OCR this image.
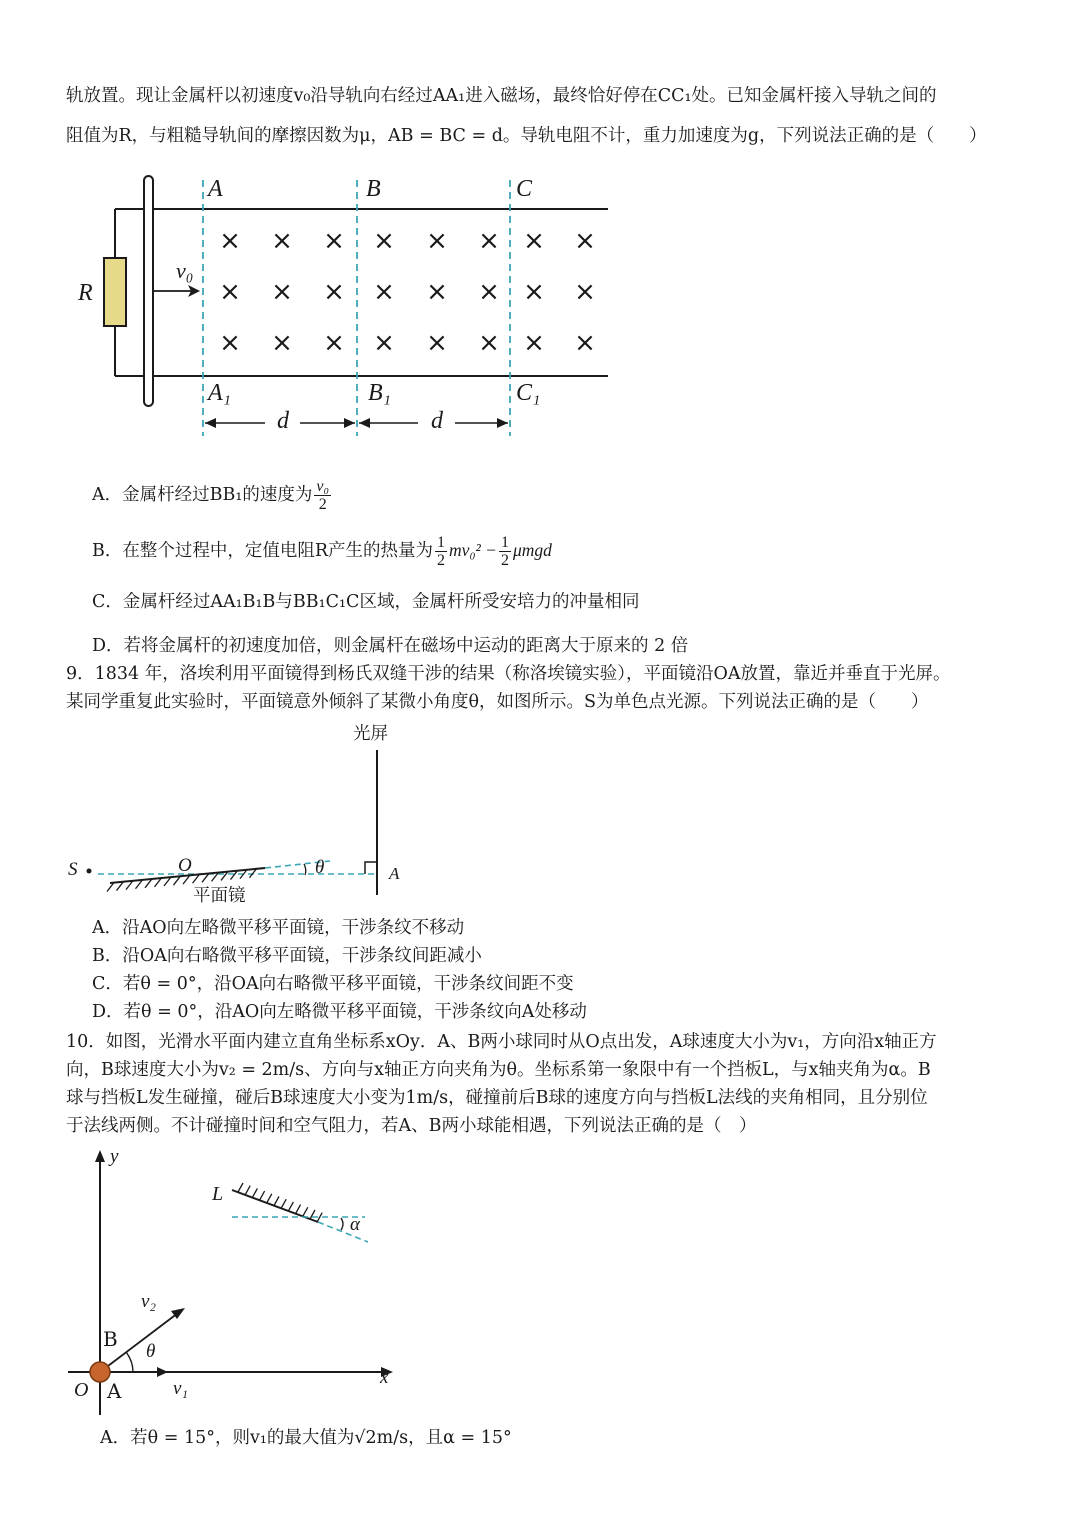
轨放置。现让金属杆以初速度v₀沿导轨向右经过AA₁进入磁场，最终恰好停在CC₁处。已知金属杆接入导轨之间的
阻值为R，与粗糙导轨间的摩擦因数为μ，AB = BC = d。导轨电阻不计，重力加速度为g，下列说法正确的是（　　）
× × × × × × × ×
× × × × × × × ×
× × × × × × × ×
A	B	C
A₁	B₁	C₁
R
v₀
d	d
A．金属杆经过BB₁的速度为 $\frac{\text{v₀}}{2}$
B．在整个过程中，定值电阻R产生的热量为 $\frac{1}{2} mv_0^2 - \frac{1}{2}$ μmgd
C．金属杆经过AA₁B₁B与BB₁C₁C区域，金属杆所受安培力的冲量相同
D．若将金属杆的初速度加倍，则金属杆在磁场中运动的距离大于原来的 2 倍
9．1834 年，洛埃利用平面镜得到杨氏双缝干涉的结果（称洛埃镜实验），平面镜沿OA放置，靠近并垂直于光屏。
某同学重复此实验时，平面镜意外倾斜了某微小角度θ，如图所示。S为单色点光源。下列说法正确的是（　　）
光屏
S	O	θ	A
平面镜
A．沿AO向左略微平移平面镜，干涉条纹不移动
B．沿OA向右略微平移平面镜，干涉条纹间距减小
C．若θ = 0°，沿OA向右略微平移平面镜，干涉条纹间距不变
D．若θ = 0°，沿AO向左略微平移平面镜，干涉条纹向A处移动
10．如图，光滑水平面内建立直角坐标系xOy．A、B两小球同时从O点出发，A球速度大小为v₁，方向沿x轴正方
向，B球速度大小为v₂ = 2m/s、方向与x轴正方向夹角为θ。坐标系第一象限中有一个挡板L，与x轴夹角为α。B
球与挡板L发生碰撞，碰后B球速度大小变为1m/s，碰撞前后B球的速度方向与挡板L法线的夹角相同，且分别位
于法线两侧。不计碰撞时间和空气阻力，若A、B两小球能相遇，下列说法正确的是（　）
y
x
O A
B
v₁
v₂
θ
L
α
A．若θ = 15°，则v₁的最大值为√2m/s，且α = 15°
